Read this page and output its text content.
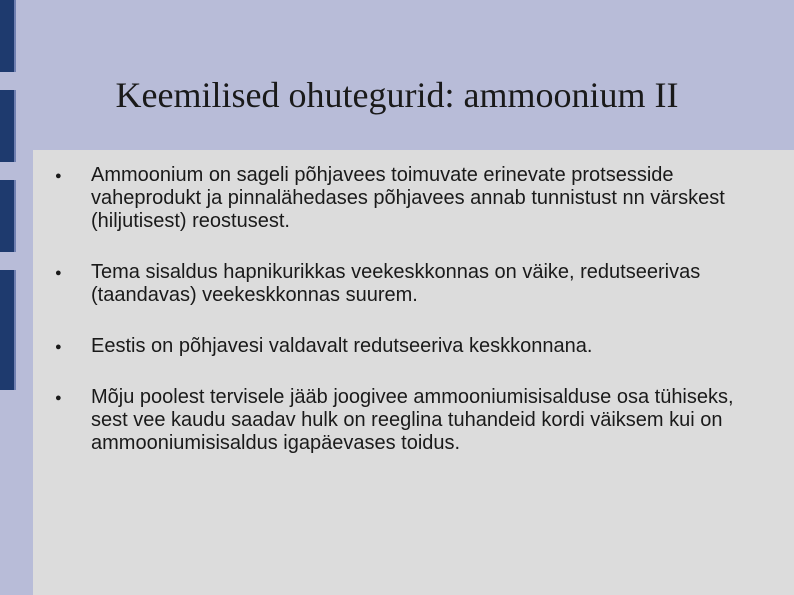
Keemilised ohutegurid: ammoonium II
● Ammoonium on sageli põhjavees toimuvate erinevate protsesside vaheprodukt ja pinnalähedases põhjavees annab tunnistust nn värskest (hiljutisest) reostusest.
● Tema sisaldus hapnikurikkas veekeskkonnas on väike, redutseerivas (taandavas) veekeskkonnas suurem.
● Eestis on põhjavesi valdavalt redutseeriva keskkonnana.
● Mõju poolest tervisele jääb joogivee ammooniumisisalduse osa tühiseks, sest vee kaudu saadav hulk on reeglina tuhandeid kordi väiksem kui on ammooniumisisaldus igapäevases toidus.
